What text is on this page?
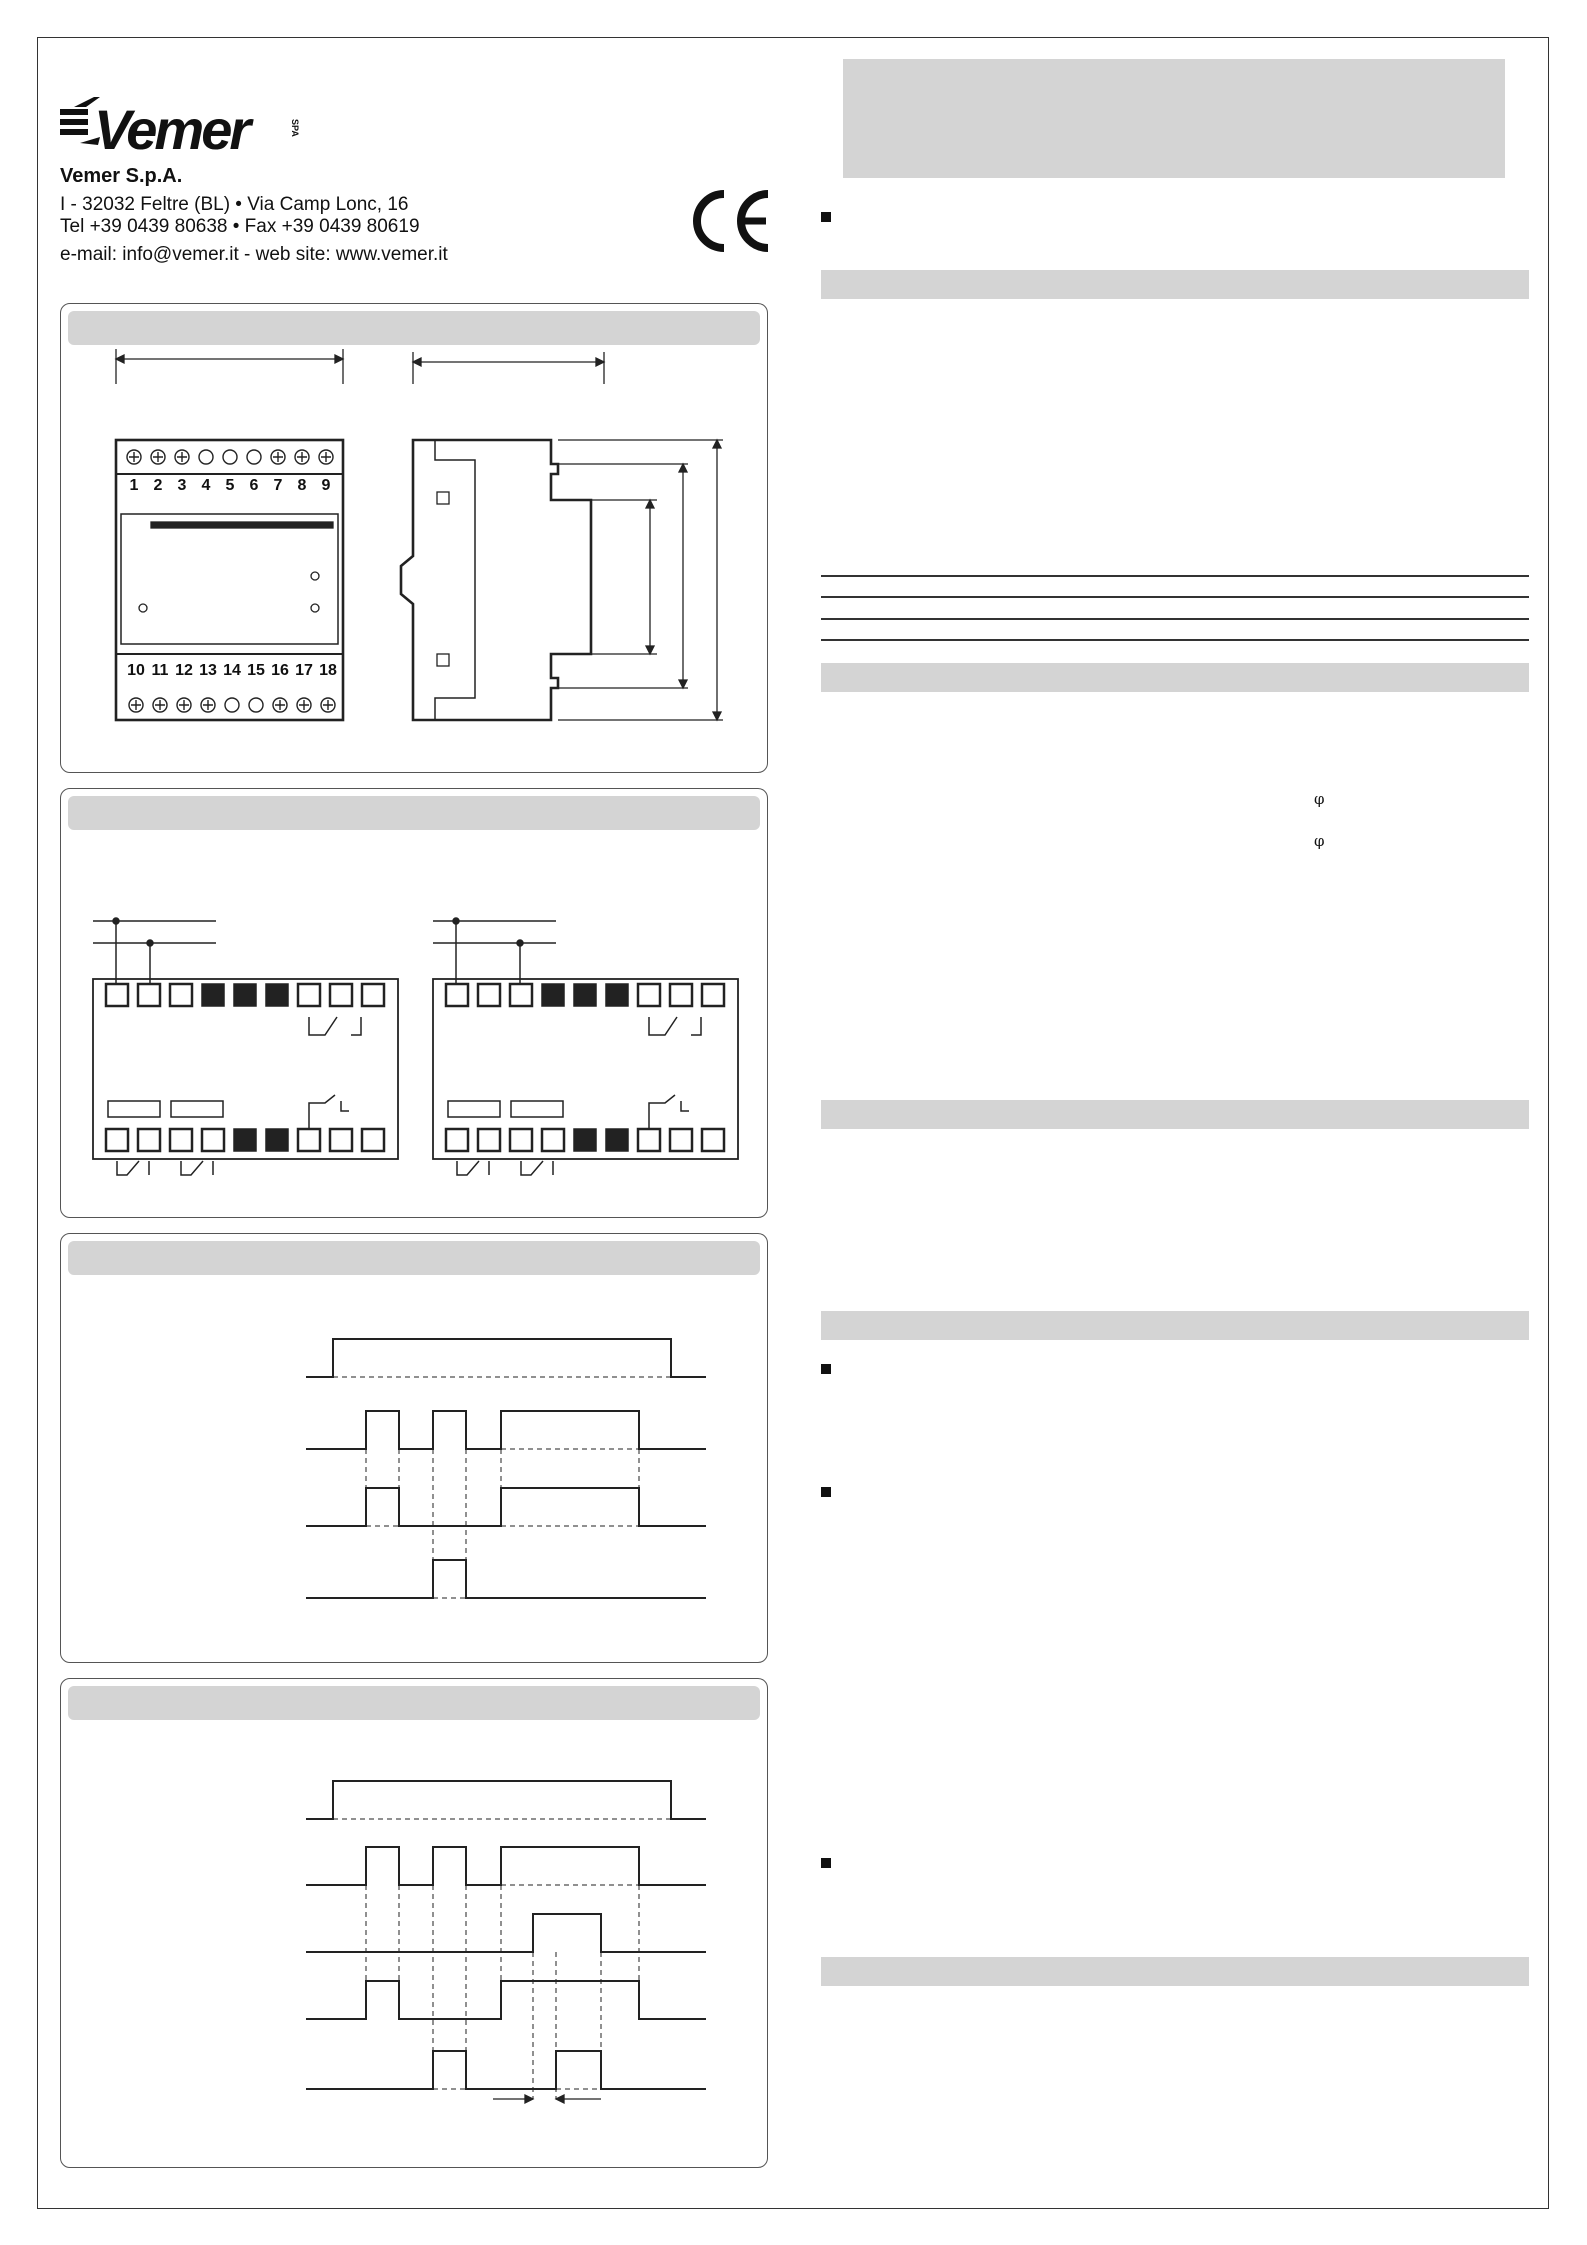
Vemer	SPA
Vemer S.p.A.
I - 32032 Feltre (BL) • Via Camp Lonc, 16
Tel +39 0439 80638 • Fax +39 0439 80619
e-mail: info@vemer.it - web site: www.vemer.it
1 2 3 4 5 6 7 8 9
10 11 12 13 14 15 16 17 18
φ
φ
